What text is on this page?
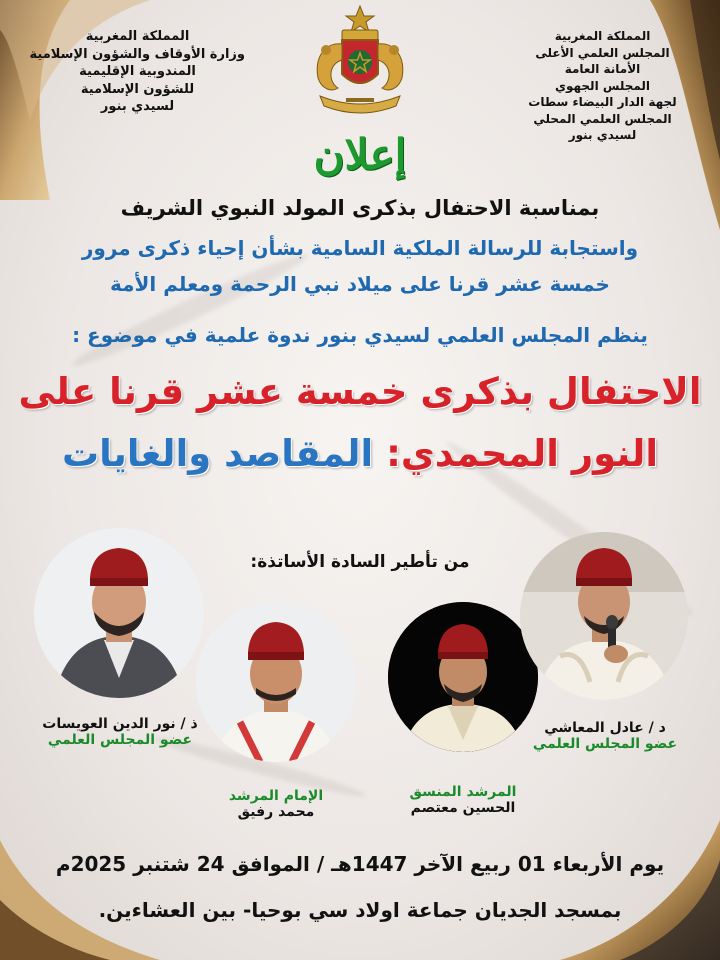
المملكة المغربية
وزارة الأوقاف والشؤون الإسلامية
المندوبية الإقليمية
للشؤون الإسلامية
لسيدي بنور
المملكة المغربية
المجلس العلمي الأعلى
الأمانة العامة
المجلس الجهوي
لجهة الدار البيضاء سطات
المجلس العلمي المحلي
لسيدي بنور
إعلان
بمناسبة الاحتفال بذكرى المولد النبوي الشريف
واستجابة للرسالة الملكية السامية بشأن إحياء ذكرى مرور
خمسة عشر قرنا على ميلاد نبي الرحمة ومعلم الأمة
ينظم المجلس العلمي لسيدي بنور ندوة علمية في موضوع :
الاحتفال بذكرى خمسة عشر قرنا على
النور المحمدي: المقاصد والغايات
من تأطير السادة الأساتذة:
ذ / نور الدين العويسات
عضو المجلس العلمي
الإمام المرشد
محمد رفيق
المرشد المنسق
الحسين معتصم
د / عادل المعاشي
عضو المجلس العلمي
يوم الأربعاء 01 ربيع الآخر 1447هـ / الموافق 24 شتنبر 2025م
بمسجد الجديان جماعة اولاد سي بوحيا- بين العشاءين.
